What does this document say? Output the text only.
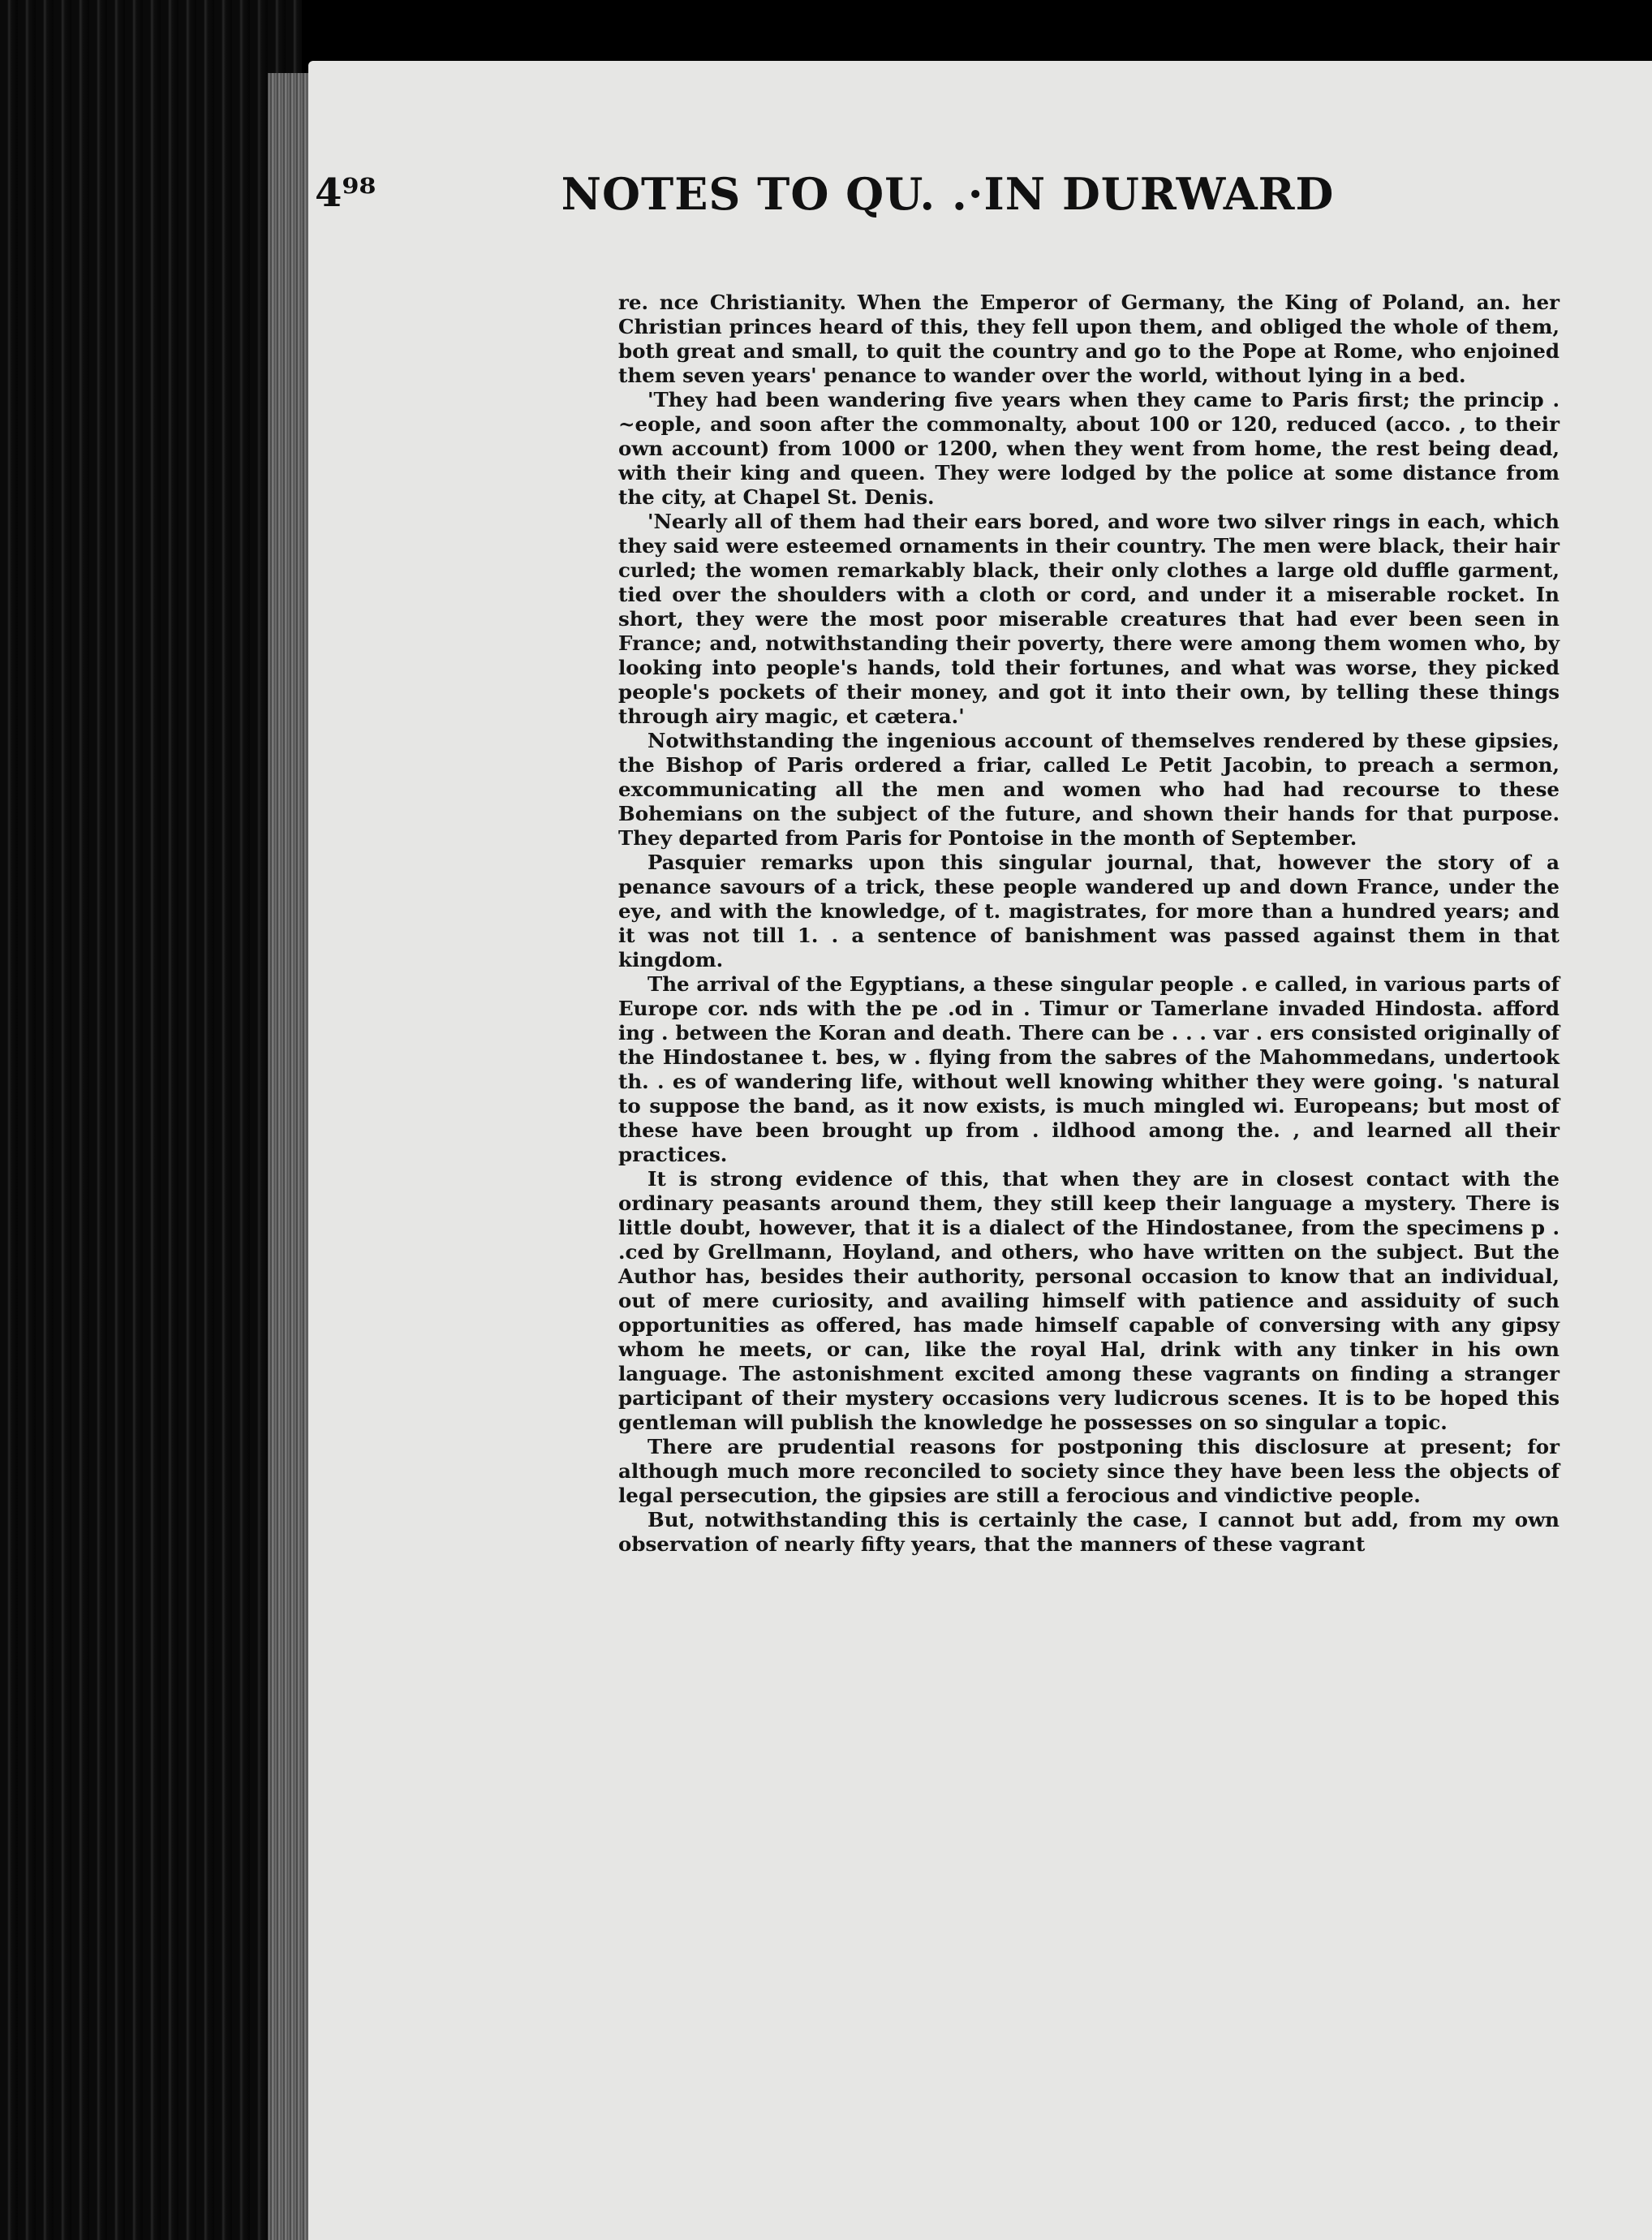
4⁹⁸	NOTES TO QU. .·IN DURWARD

re. nce Christianity. When the Emperor of Germany, the King of Poland, an. her Christian princes heard of this, they fell upon them, and obliged the whole of them, both great and small, to quit the country and go to the Pope at Rome, who enjoined them seven years' penance to wander over the world, without lying in a bed.

'They had been wandering five years when they came to Paris first; the princip . ~eople, and soon after the commonalty, about 100 or 120, reduced (acco. , to their own account) from 1000 or 1200, when they went from home, the rest being dead, with their king and queen. They were lodged by the police at some distance from the city, at Chapel St. Denis.

'Nearly all of them had their ears bored, and wore two silver rings in each, which they said were esteemed ornaments in their country. The men were black, their hair curled; the women remarkably black, their only clothes a large old duffle garment, tied over the shoulders with a cloth or cord, and under it a miserable rocket. In short, they were the most poor miserable creatures that had ever been seen in France; and, notwithstanding their poverty, there were among them women who, by looking into people's hands, told their fortunes, and what was worse, they picked people's pockets of their money, and got it into their own, by telling these things through airy magic, et cætera.'

Notwithstanding the ingenious account of themselves rendered by these gipsies, the Bishop of Paris ordered a friar, called Le Petit Jacobin, to preach a sermon, excommunicating all the men and women who had had recourse to these Bohemians on the subject of the future, and shown their hands for that purpose. They departed from Paris for Pontoise in the month of September.

Pasquier remarks upon this singular journal, that, however the story of a penance savours of a trick, these people wandered up and down France, under the eye, and with the knowledge, of t. magistrates, for more than a hundred years; and it was not till 1. . a sentence of banishment was passed against them in that kingdom.

The arrival of the Egyptians, a these singular people . e called, in various parts of Europe cor. nds with the pe .od in . Timur or Tamerlane invaded Hindosta. afford ing . between the Koran and death. There can be . . . var . ers consisted originally of the Hindostanee t. bes, w . flying from the sabres of the Mahommedans, undertook th. . es of wandering life, without well knowing whither they were going. 's natural to suppose the band, as it now exists, is much mingled wi. Europeans; but most of these have been brought up from . ildhood among the. , and learned all their practices.

It is strong evidence of this, that when they are in closest contact with the ordinary peasants around them, they still keep their language a mystery. There is little doubt, however, that it is a dialect of the Hindostanee, from the specimens p . .ced by Grellmann, Hoyland, and others, who have written on the subject. But the Author has, besides their authority, personal occasion to know that an individual, out of mere curiosity, and availing himself with patience and assiduity of such opportunities as offered, has made himself capable of conversing with any gipsy whom he meets, or can, like the royal Hal, drink with any tinker in his own language. The astonishment excited among these vagrants on finding a stranger participant of their mystery occasions very ludicrous scenes. It is to be hoped this gentleman will publish the knowledge he possesses on so singular a topic.

There are prudential reasons for postponing this disclosure at present; for although much more reconciled to society since they have been less the objects of legal persecution, the gipsies are still a ferocious and vindictive people.

But, notwithstanding this is certainly the case, I cannot but add, from my own observation of nearly fifty years, that the manners of these vagrant
